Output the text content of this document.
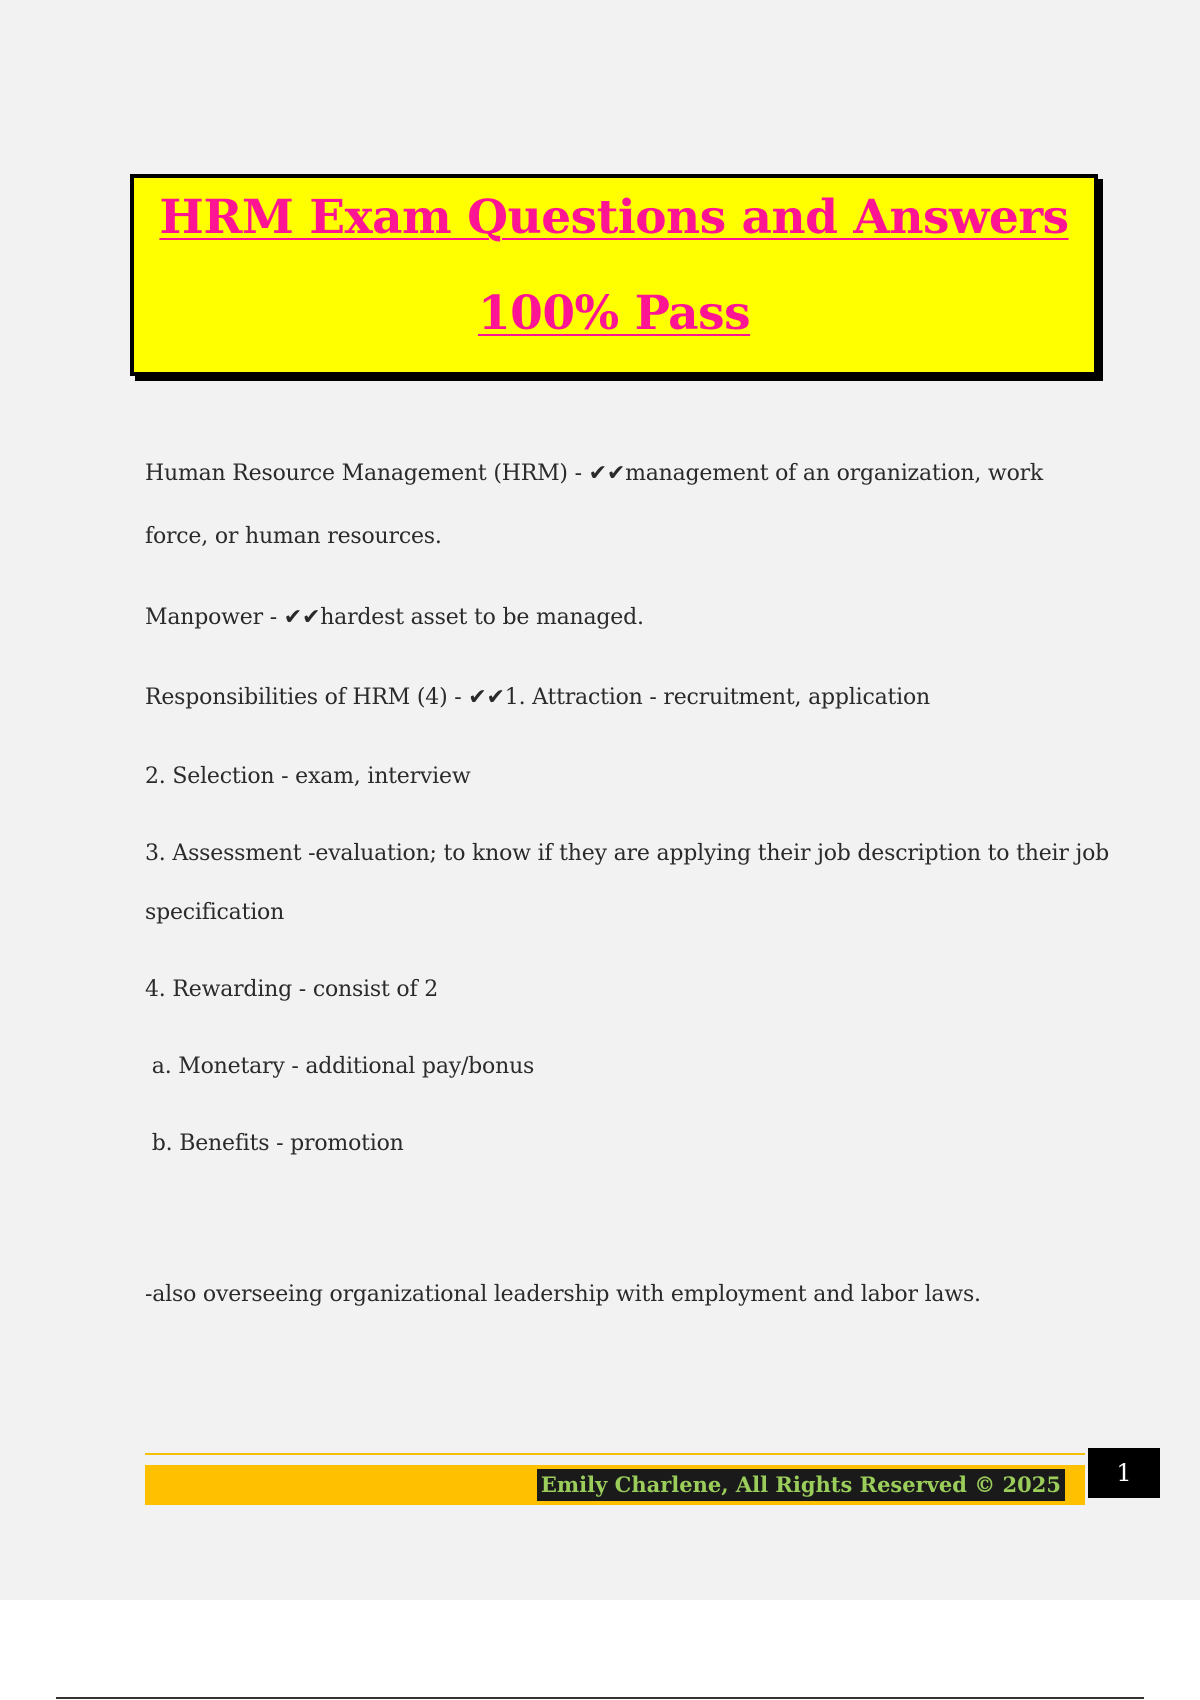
HRM Exam Questions and Answers
100% Pass
Human Resource Management (HRM) - ✔✔management of an organization, work
force, or human resources.
Manpower - ✔✔hardest asset to be managed.
Responsibilities of HRM (4) - ✔✔1. Attraction - recruitment, application
2. Selection - exam, interview
3. Assessment -evaluation; to know if they are applying their job description to their job
specification
4. Rewarding - consist of 2
a. Monetary - additional pay/bonus
b. Benefits - promotion
-also overseeing organizational leadership with employment and labor laws.
Emily Charlene, All Rights Reserved © 2025	1
